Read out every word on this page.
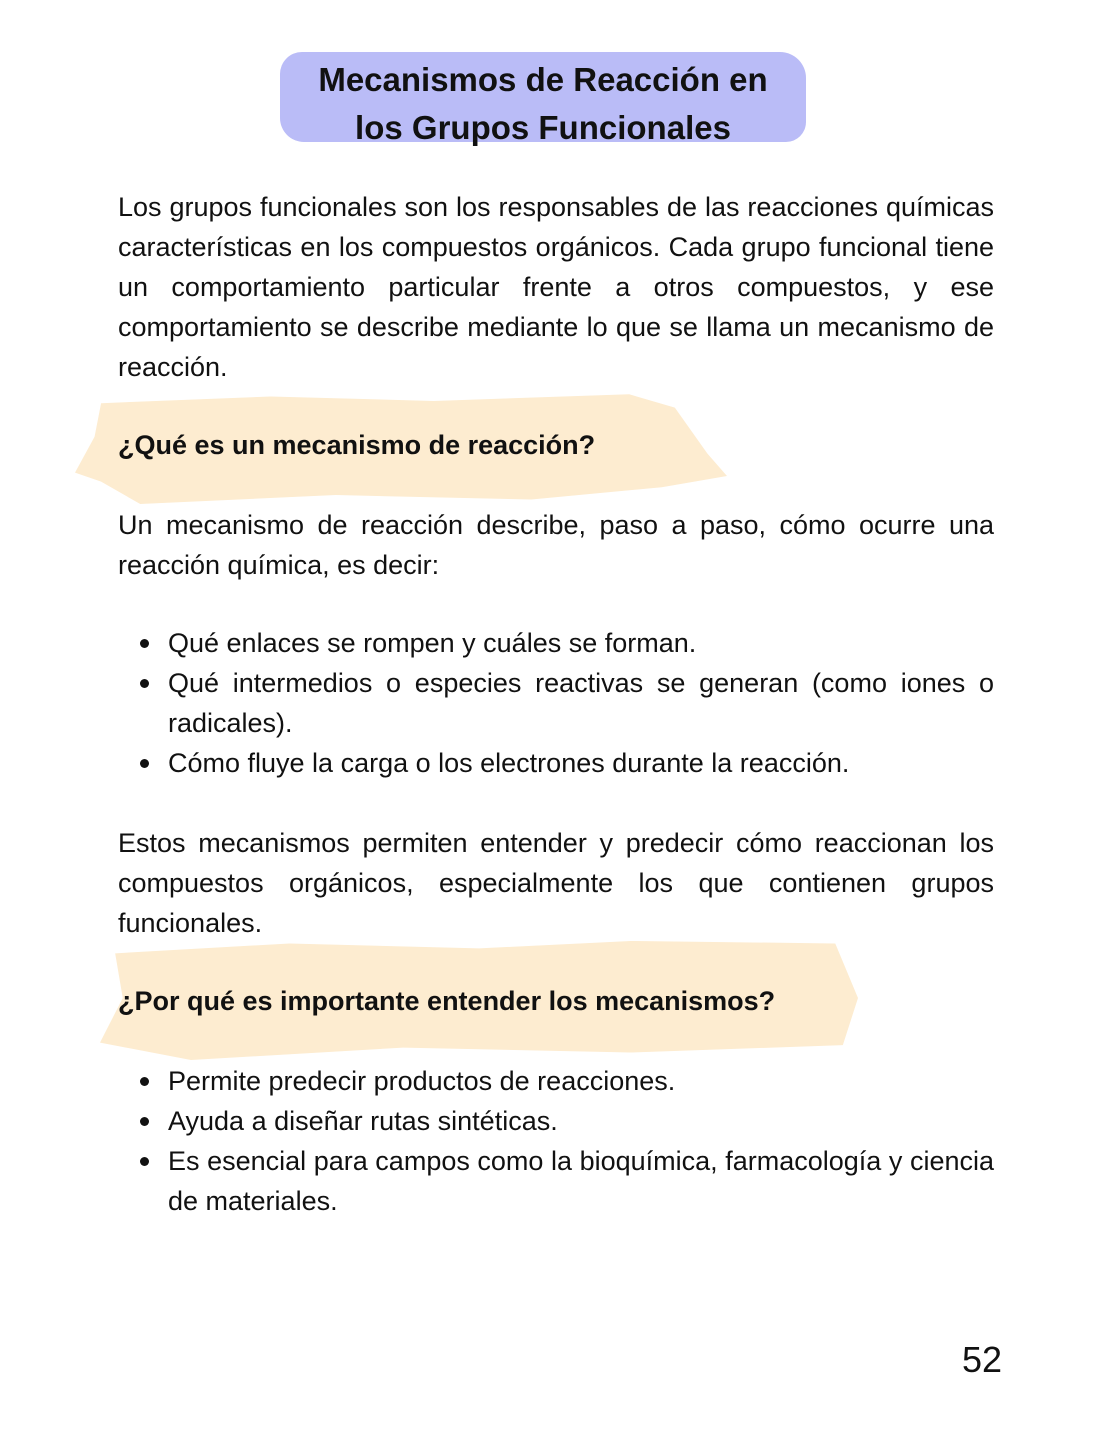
Mecanismos de Reacción en
los Grupos Funcionales

Los grupos funcionales son los responsables de las reacciones químicas características en los compuestos orgánicos. Cada grupo funcional tiene un comportamiento particular frente a otros compuestos, y ese comportamiento se describe mediante lo que se llama un mecanismo de reacción.

¿Qué es un mecanismo de reacción?

Un mecanismo de reacción describe, paso a paso, cómo ocurre una reacción química, es decir:

Qué enlaces se rompen y cuáles se forman.
Qué intermedios o especies reactivas se generan (como iones o radicales).
Cómo fluye la carga o los electrones durante la reacción.

Estos mecanismos permiten entender y predecir cómo reaccionan los compuestos orgánicos, especialmente los que contienen grupos funcionales.

¿Por qué es importante entender los mecanismos?
Permite predecir productos de reacciones.
Ayuda a diseñar rutas sintéticas.
Es esencial para campos como la bioquímica, farmacología y ciencia de materiales.
52
